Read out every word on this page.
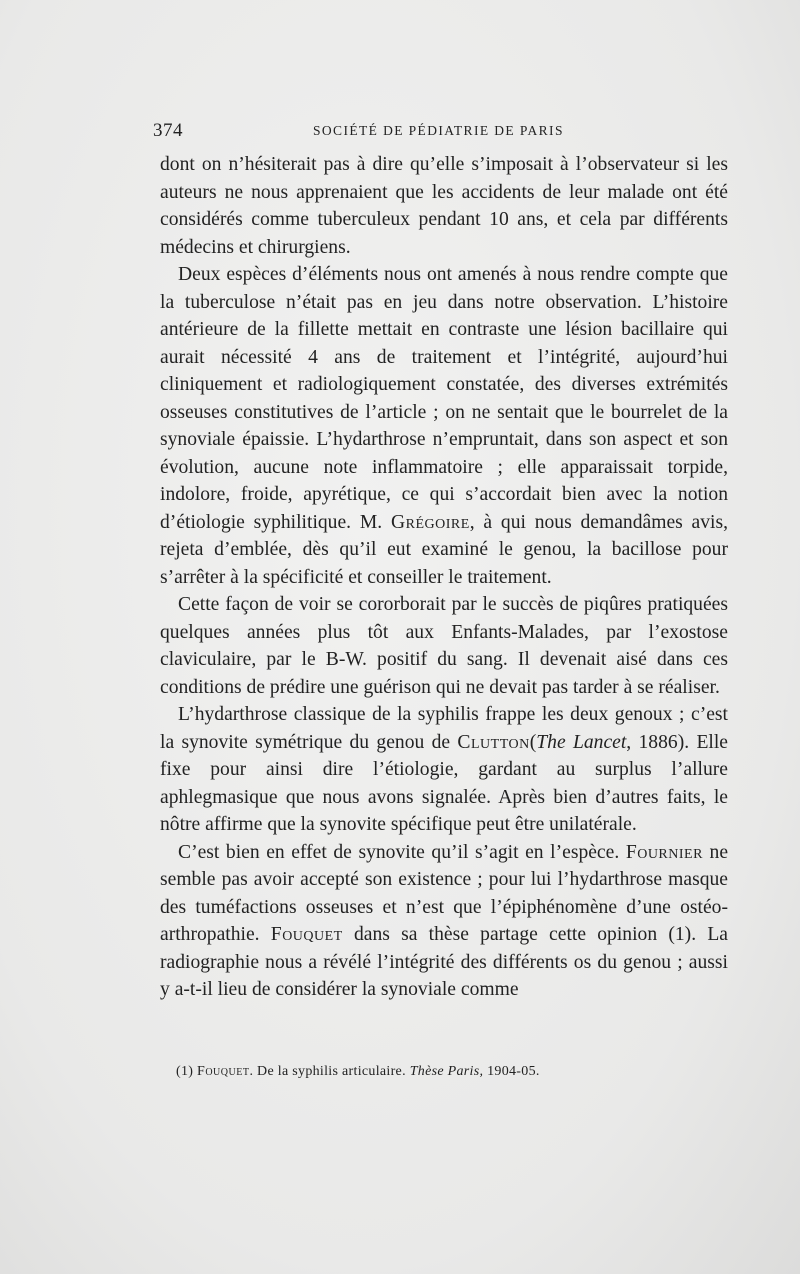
374	SOCIÉTÉ DE PÉDIATRIE DE PARIS

dont on n’hésiterait pas à dire qu’elle s’imposait à l’observateur si les auteurs ne nous apprenaient que les accidents de leur malade ont été considérés comme tuberculeux pendant 10 ans, et cela par différents médecins et chirurgiens.

Deux espèces d’éléments nous ont amenés à nous rendre compte que la tuberculose n’était pas en jeu dans notre observation. L’histoire antérieure de la fillette mettait en contraste une lésion bacillaire qui aurait nécessité 4 ans de traitement et l’intégrité, aujourd’hui cliniquement et radiologiquement constatée, des diverses extrémités osseuses constitutives de l’article ; on ne sentait que le bourrelet de la synoviale épaissie. L’hydarthrose n’empruntait, dans son aspect et son évolution, aucune note inflammatoire ; elle apparaissait torpide, indolore, froide, apyrétique, ce qui s’accordait bien avec la notion d’étiologie syphilitique. M. Grégoire, à qui nous demandâmes avis, rejeta d’emblée, dès qu’il eut examiné le genou, la bacillose pour s’arrêter à la spécificité et conseiller le traitement.

Cette façon de voir se cororborait par le succès de piqûres pratiquées quelques années plus tôt aux Enfants-Malades, par l’exostose claviculaire, par le B-W. positif du sang. Il devenait aisé dans ces conditions de prédire une guérison qui ne devait pas tarder à se réaliser.

L’hydarthrose classique de la syphilis frappe les deux genoux ; c’est la synovite symétrique du genou de Clutton(The Lancet, 1886). Elle fixe pour ainsi dire l’étiologie, gardant au surplus l’allure aphlegmasique que nous avons signalée. Après bien d’autres faits, le nôtre affirme que la synovite spécifique peut être unilatérale.

C’est bien en effet de synovite qu’il s’agit en l’espèce. Fournier ne semble pas avoir accepté son existence ; pour lui l’hydarthrose masque des tuméfactions osseuses et n’est que l’épiphénomène d’une ostéo-arthropathie. Fouquet dans sa thèse partage cette opinion (1). La radiographie nous a révélé l’intégrité des différents os du genou ; aussi y a-t-il lieu de considérer la synoviale comme

(1) Fouquet. De la syphilis articulaire. Thèse Paris, 1904-05.
